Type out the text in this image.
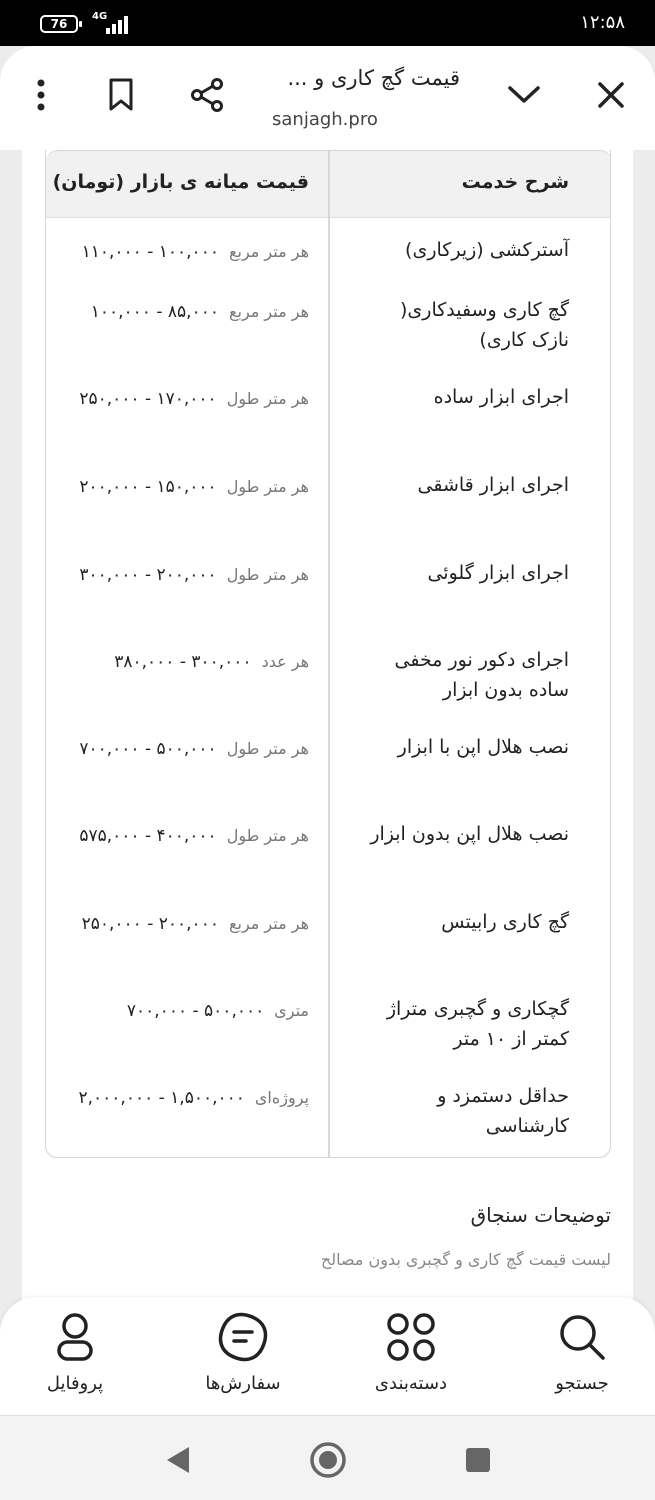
76
4G	۱۲:۵۸
قیمت گچ کاری و ...
sanjagh.pro
شرح خدمت
قیمت میانه ی بازار (تومان)
آسترکشی (زیرکاری)
هر متر مربع۱۰۰,۰۰۰ - ۱۱۰,۰۰۰
گچ کاری وسفیدکاری( نازک کاری)
هر متر مربع۸۵,۰۰۰ - ۱۰۰,۰۰۰
اجرای ابزار ساده
هر متر طول۱۷۰,۰۰۰ - ۲۵۰,۰۰۰
اجرای ابزار قاشقی
هر متر طول۱۵۰,۰۰۰ - ۲۰۰,۰۰۰
اجرای ابزار گلوئی
هر متر طول۲۰۰,۰۰۰ - ۳۰۰,۰۰۰
اجرای دکور نور مخفی ساده بدون ابزار
هر عدد۳۰۰,۰۰۰ - ۳۸۰,۰۰۰
نصب هلال اپن با ابزار
هر متر طول۵۰۰,۰۰۰ - ۷۰۰,۰۰۰
نصب هلال اپن بدون ابزار
هر متر طول۴۰۰,۰۰۰ - ۵۷۵,۰۰۰
گچ کاری رابیتس
هر متر مربع۲۰۰,۰۰۰ - ۲۵۰,۰۰۰
گچکاری و گچبری متراژ کمتر از ۱۰ متر
متری۵۰۰,۰۰۰ - ۷۰۰,۰۰۰
حداقل دستمزد و کارشناسی
پروژه‌ای۱,۵۰۰,۰۰۰ - ۲,۰۰۰,۰۰۰
توضیحات سنجاق
لیست قیمت گچ کاری و گچبری بدون مصالح
جستجو
دسته‌بندی
سفارش‌ها
پروفایل
